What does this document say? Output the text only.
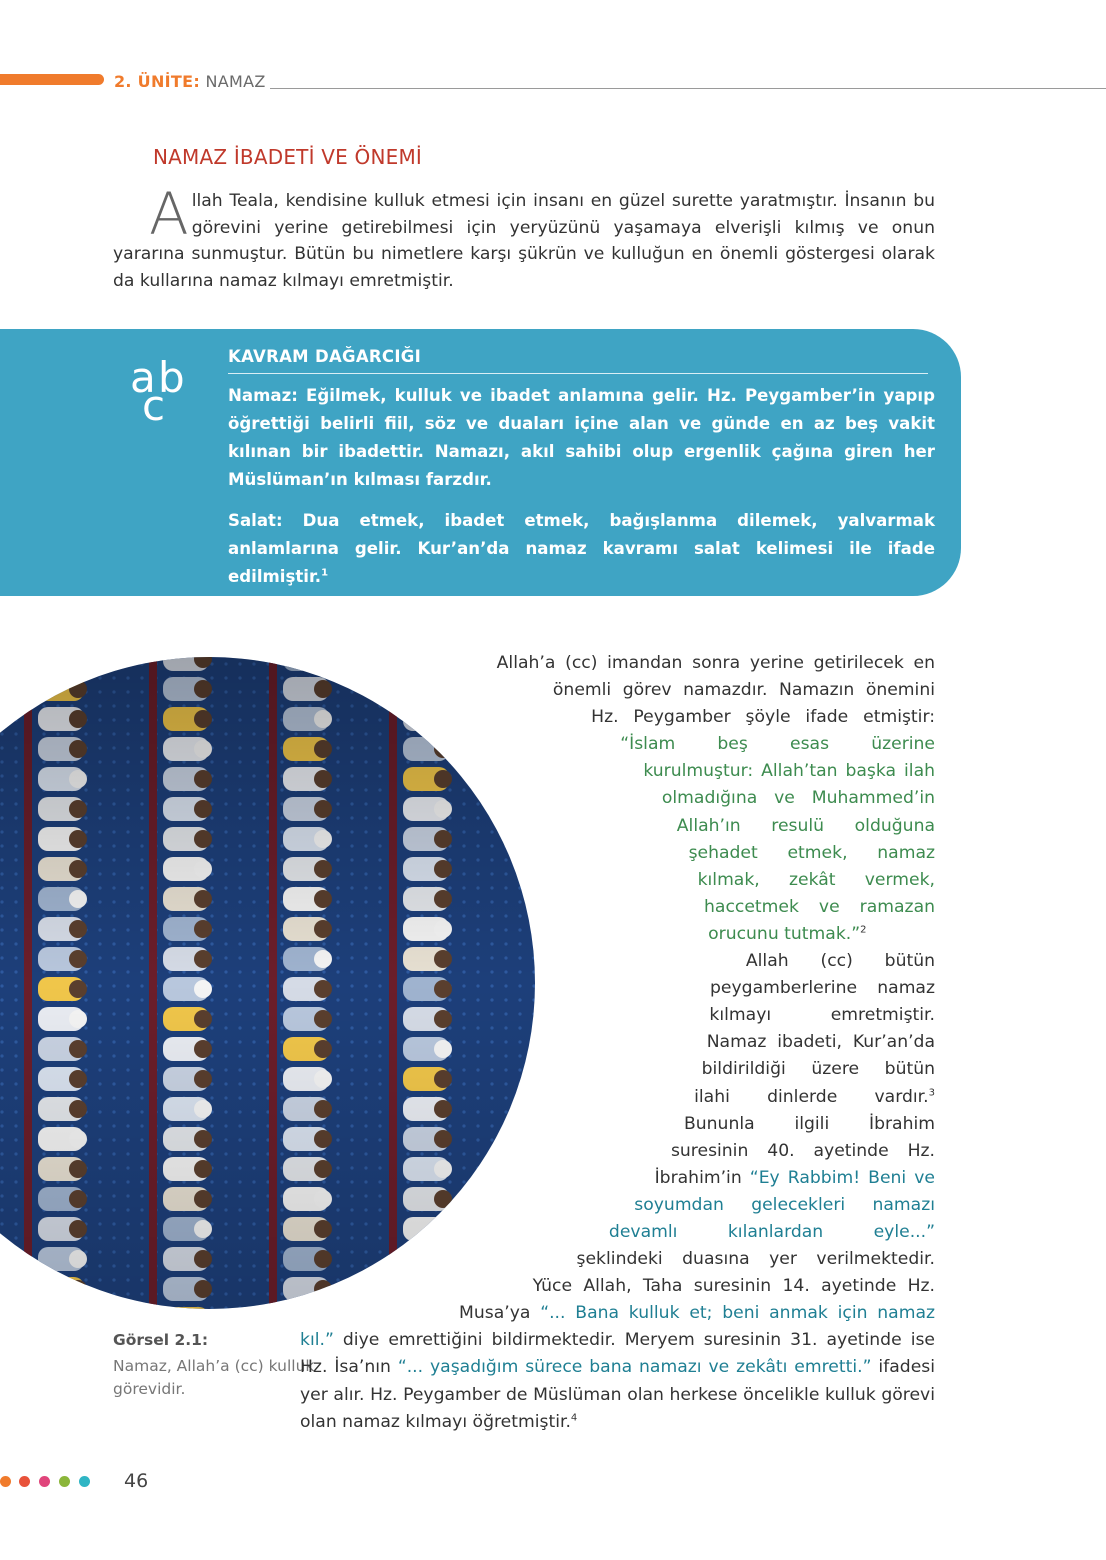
2. ÜNİTE: NAMAZ
NAMAZ İBADETİ VE ÖNEMİ
Allah Teala, kendisine kulluk etmesi için insanı en güzel surette yaratmıştır. İnsanın bu görevini yerine getirebilmesi için yeryüzünü yaşamaya elverişli kılmış ve onun yararına sunmuştur. Bütün bu nimetlere karşı şükrün ve kulluğun en önemli göstergesi olarak da kullarına namaz kılmayı emretmiştir.
a b
c
KAVRAM DAĞARCIĞI

Namaz: Eğilmek, kulluk ve ibadet anlamına gelir. Hz. Peygamber’in yapıp öğrettiği belirli fiil, söz ve duaları içine alan ve günde en az beş vakit kılınan bir ibadettir. Namazı, akıl sahibi olup ergenlik çağına giren her Müslüman’ın kılması farzdır.

Salat: Dua etmek, ibadet etmek, bağışlanma dilemek, yalvarmak anlamlarına gelir. Kur’an’da namaz kavramı salat kelimesi ile ifade edilmiştir.$^1$

Görsel 2.1:
Namaz, Allah’a (cc) kulluk görevidir.
Allah’a (cc) imandan sonra yerine getirilecek en önemli görev namazdır. Namazın önemini Hz. Peygamber şöyle ifade etmiştir: “İslam beş esas üzerine kurulmuştur: Allah’tan başka ilah olmadığına ve Muhammed’in Allah’ın resulü olduğuna şehadet etmek, namaz kılmak, zekât vermek, haccetmek ve ramazan orucunu tutmak.”$^2$
Allah (cc) bütün peygamberlerine namaz kılmayı emretmiştir. Namaz ibadeti, Kur’an’da bildirildiği üzere bütün ilahi dinlerde vardır.$^3$ Bununla ilgili İbrahim suresinin 40. ayetinde Hz. İbrahim’in “Ey Rabbim! Beni ve soyumdan gelecekleri namazı devamlı kılanlardan eyle...” şeklindeki duasına yer verilmektedir. Yüce Allah, Taha suresinin 14. ayetinde Hz. Musa’ya “... Bana kulluk et; beni anmak için namaz kıl.” diye emrettiğini bildirmektedir. Meryem suresinin 31. ayetinde ise Hz. İsa’nın “... yaşadığım sürece bana namazı ve zekâtı emretti.” ifadesi yer alır. Hz. Peygamber de Müslüman olan herkese öncelikle kulluk görevi olan namaz kılmayı öğretmiştir.$^4$
46
